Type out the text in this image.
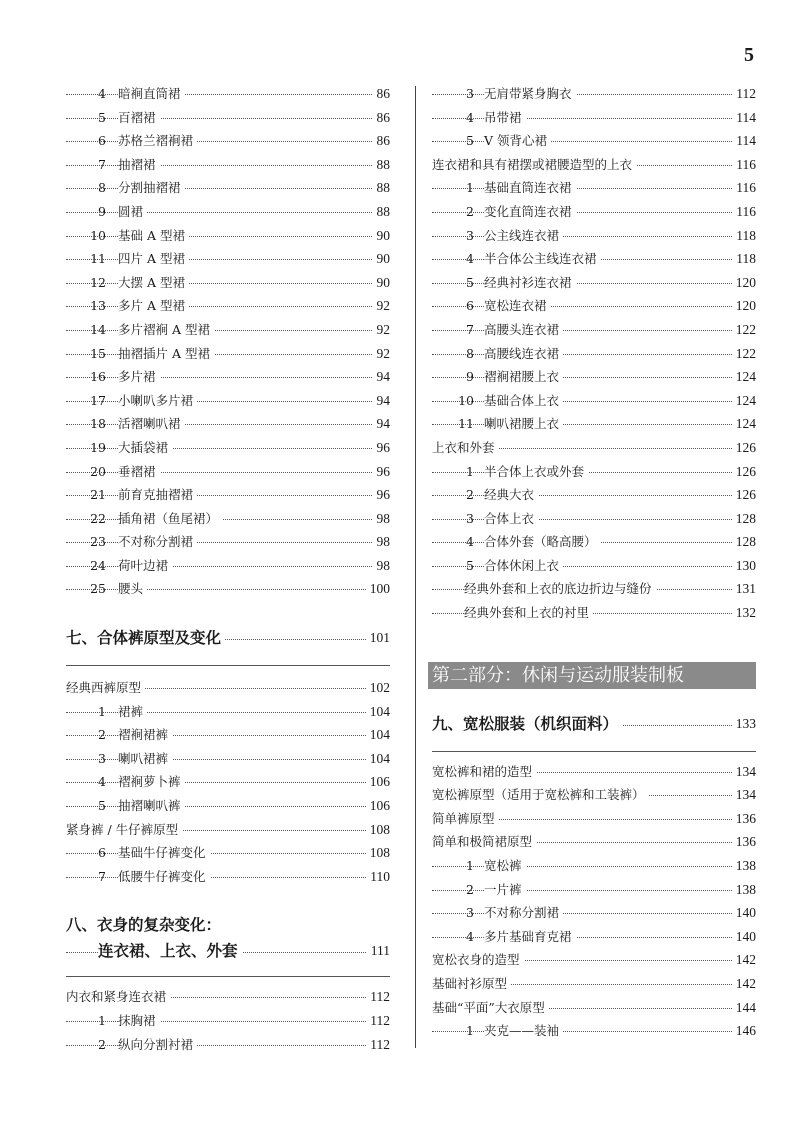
5
第二部分：休闲与运动服装制板
4 暗裥直筒裙	86
5 百褶裙	86
6 苏格兰褶裥裙	86
7 抽褶裙	88
8 分割抽褶裙	88
9 圆裙	88
10 基础 A 型裙	90
11 四片 A 型裙	90
12 大摆 A 型裙	90
13 多片 A 型裙	92
14 多片褶裥 A 型裙	92
15 抽褶插片 A 型裙	92
16 多片裙	94
17 小喇叭多片裙	94
18 活褶喇叭裙	94
19 大插袋裙	96
20 垂褶裙	96
21 前育克抽褶裙	96
22 插角裙（鱼尾裙）	98
23 不对称分割裙	98
24 荷叶边裙	98
25 腰头	100
七、合体裤原型及变化	101
经典西裤原型	102
1 裙裤	104
2 褶裥裙裤	104
3 喇叭裙裤	104
4 褶裥萝卜裤	106
5 抽褶喇叭裤	106
紧身裤 / 牛仔裤原型	108
6 基础牛仔裤变化	108
7 低腰牛仔裤变化	110
八、衣身的复杂变化：
连衣裙、上衣、外套	111
内衣和紧身连衣裙	112
1 抹胸裙	112
2 纵向分割衬裙	112
3 无肩带紧身胸衣	112
4 吊带裙	114
5 V 领背心裙	114
连衣裙和具有裙摆或裙腰造型的上衣	116
1 基础直筒连衣裙	116
2 变化直筒连衣裙	116
3 公主线连衣裙	118
4 半合体公主线连衣裙	118
5 经典衬衫连衣裙	120
6 宽松连衣裙	120
7 高腰头连衣裙	122
8 高腰线连衣裙	122
9 褶裥裙腰上衣	124
10 基础合体上衣	124
11 喇叭裙腰上衣	124
上衣和外套	126
1 半合体上衣或外套	126
2 经典大衣	126
3 合体上衣	128
4 合体外套（略高腰）	128
5 合体休闲上衣	130
经典外套和上衣的底边折边与缝份	131
经典外套和上衣的衬里	132
九、宽松服装（机织面料）	133
宽松裤和裙的造型	134
宽松裤原型（适用于宽松裤和工装裤）	134
简单裤原型	136
简单和极简裙原型	136
1 宽松裤	138
2 一片裤	138
3 不对称分割裙	140
4 多片基础育克裙	140
宽松衣身的造型	142
基础衬衫原型	142
基础“平面”大衣原型	144
1 夹克——装袖	146
